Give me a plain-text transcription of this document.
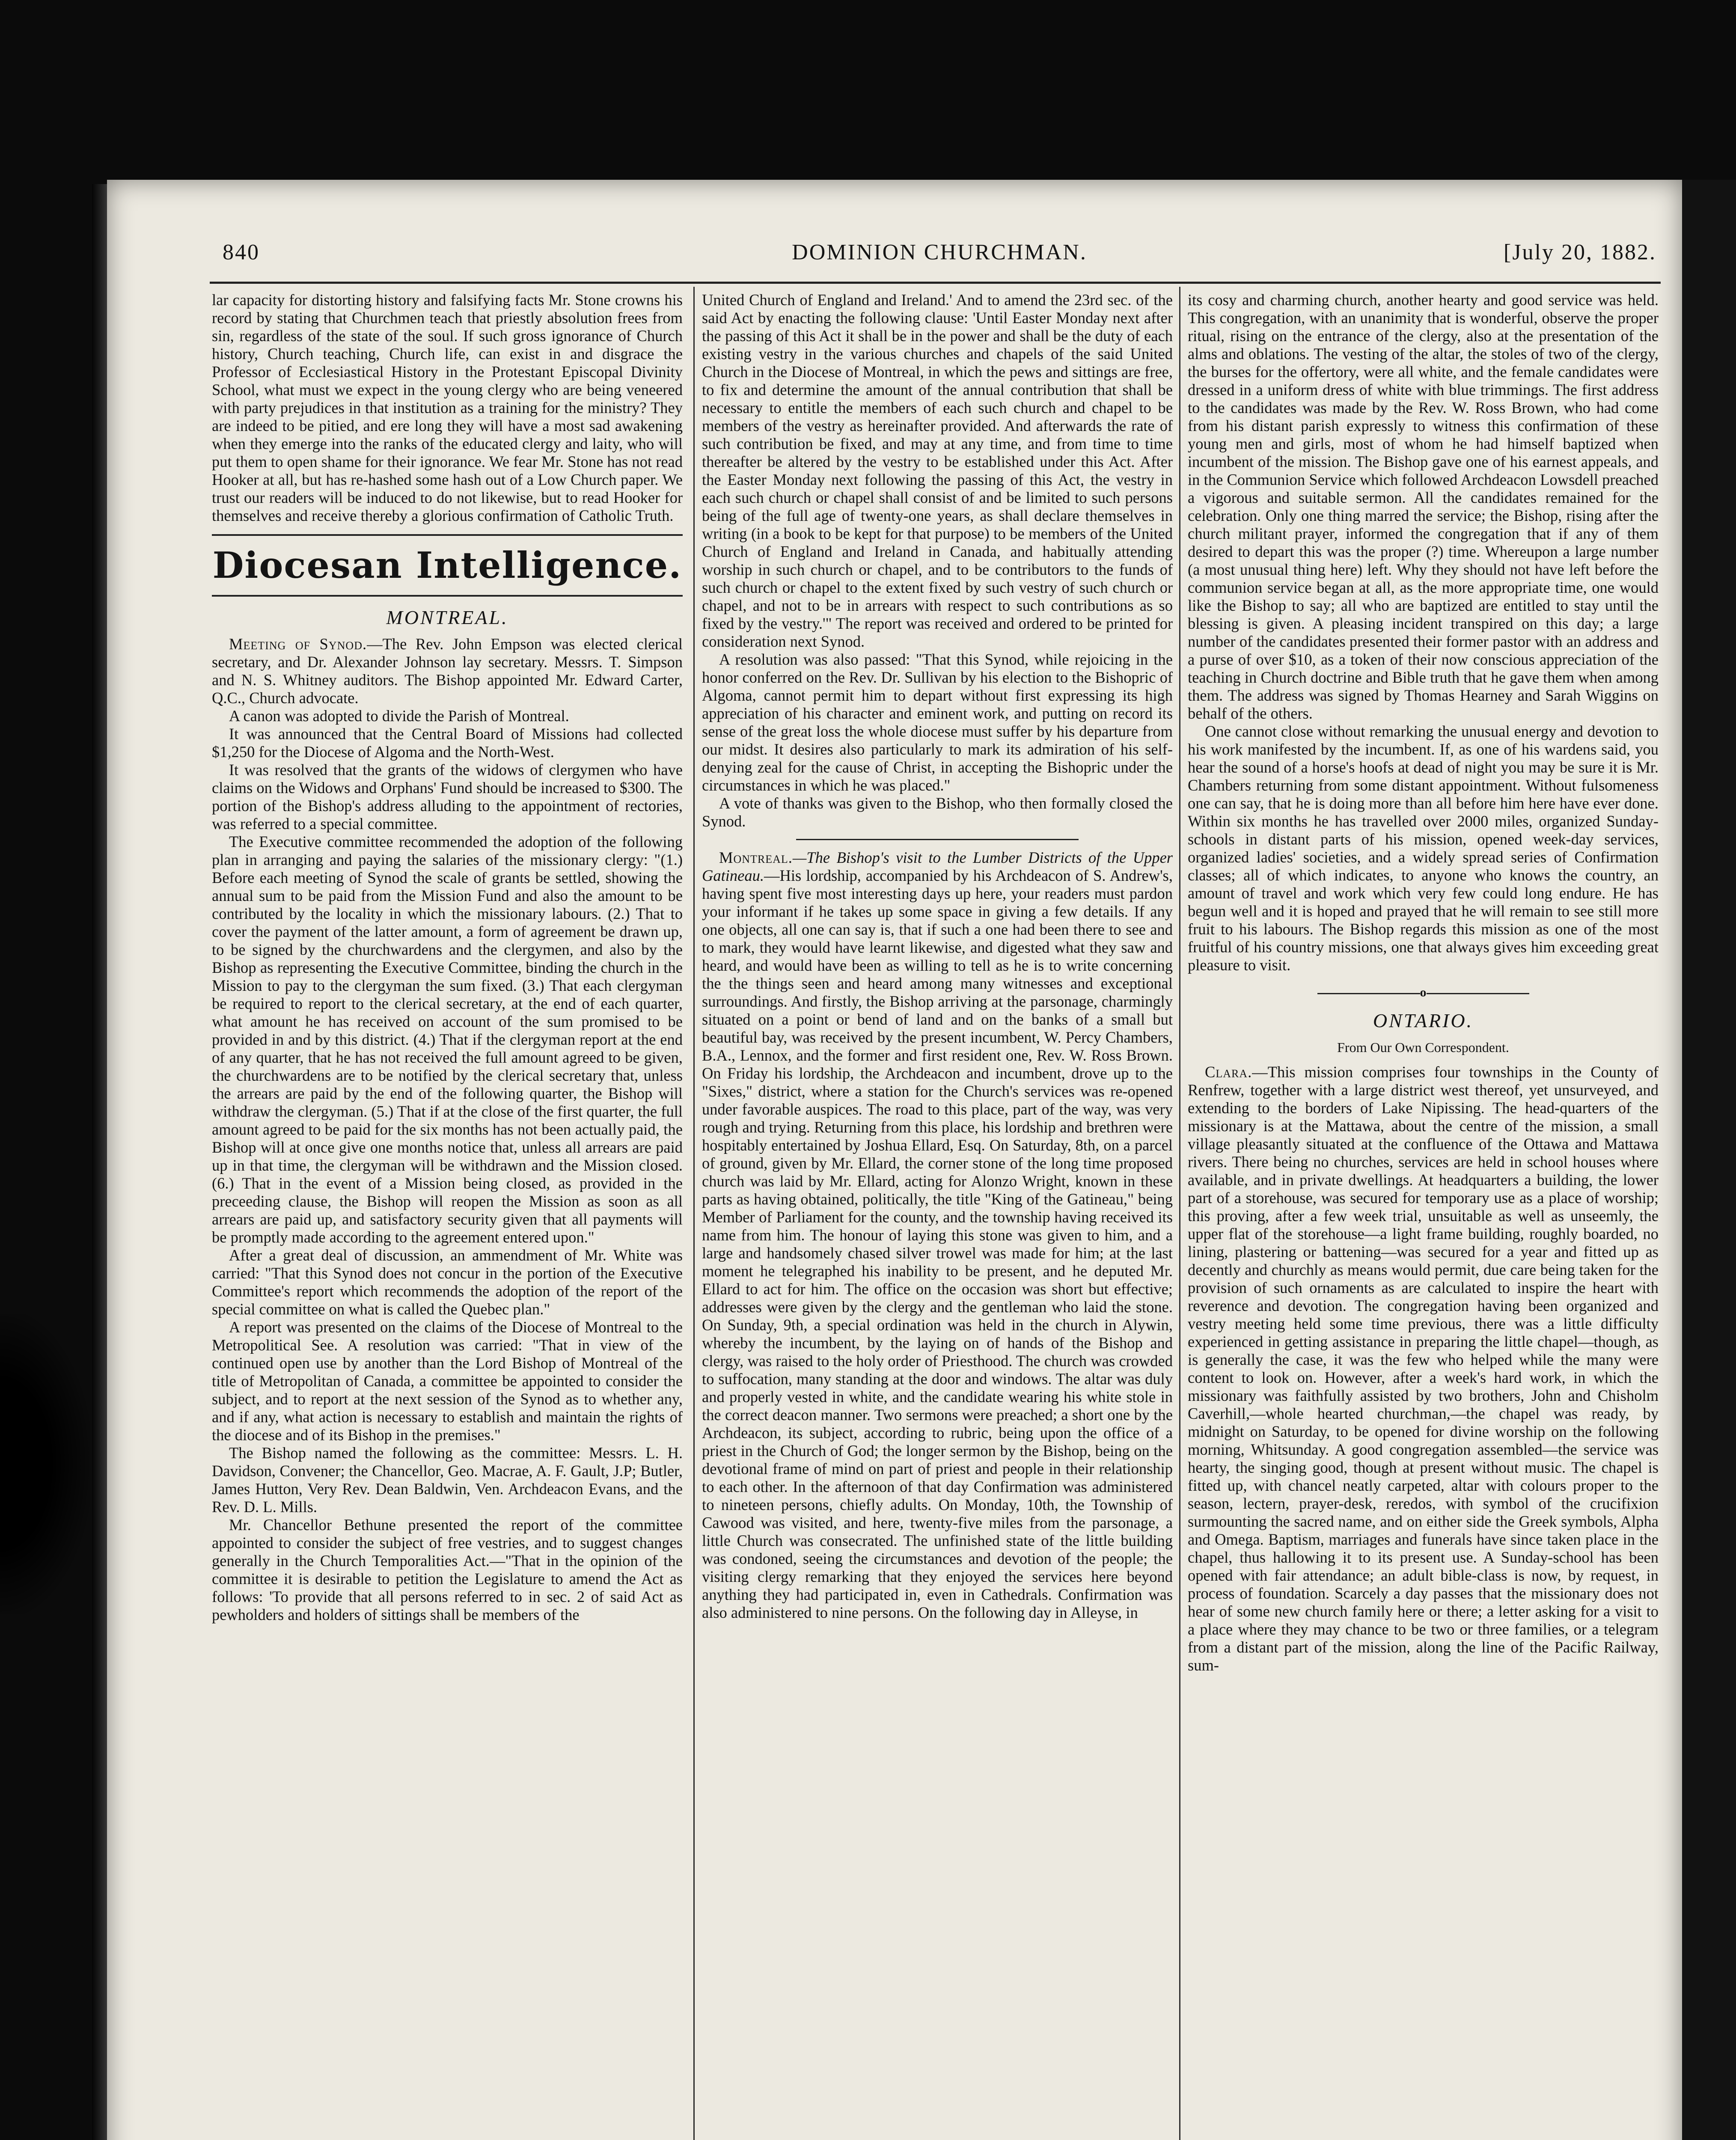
840	DOMINION CHURCHMAN.	[July 20, 1882.

lar capacity for distorting history and falsifying facts Mr. Stone crowns his record by stating that Churchmen teach that priestly absolution frees from sin, regardless of the state of the soul. If such gross ignorance of Church history, Church teaching, Church life, can exist in and disgrace the Professor of Ecclesiastical History in the Protestant Episcopal Divinity School, what must we expect in the young clergy who are being veneered with party prejudices in that institution as a training for the ministry? They are indeed to be pitied, and ere long they will have a most sad awakening when they emerge into the ranks of the educated clergy and laity, who will put them to open shame for their ignorance. We fear Mr. Stone has not read Hooker at all, but has re-hashed some hash out of a Low Church paper. We trust our readers will be induced to do not likewise, but to read Hooker for themselves and receive thereby a glorious confirmation of Catholic Truth.

Diocesan Intelligence.
MONTREAL.

Meeting of Synod.—The Rev. John Empson was elected clerical secretary, and Dr. Alexander Johnson lay secretary. Messrs. T. Simpson and N. S. Whitney auditors. The Bishop appointed Mr. Edward Carter, Q.C., Church advocate.

A canon was adopted to divide the Parish of Montreal.

It was announced that the Central Board of Missions had collected $1,250 for the Diocese of Algoma and the North-West.

It was resolved that the grants of the widows of clergymen who have claims on the Widows and Orphans' Fund should be increased to $300. The portion of the Bishop's address alluding to the appointment of rectories, was referred to a special committee.

The Executive committee recommended the adoption of the following plan in arranging and paying the salaries of the missionary clergy: "(1.) Before each meeting of Synod the scale of grants be settled, showing the annual sum to be paid from the Mission Fund and also the amount to be contributed by the locality in which the missionary labours. (2.) That to cover the payment of the latter amount, a form of agreement be drawn up, to be signed by the churchwardens and the clergymen, and also by the Bishop as representing the Executive Committee, binding the church in the Mission to pay to the clergyman the sum fixed. (3.) That each clergyman be required to report to the clerical secretary, at the end of each quarter, what amount he has received on account of the sum promised to be provided in and by this district. (4.) That if the clergyman report at the end of any quarter, that he has not received the full amount agreed to be given, the churchwardens are to be notified by the clerical secretary that, unless the arrears are paid by the end of the following quarter, the Bishop will withdraw the clergyman. (5.) That if at the close of the first quarter, the full amount agreed to be paid for the six months has not been actually paid, the Bishop will at once give one months notice that, unless all arrears are paid up in that time, the clergyman will be withdrawn and the Mission closed. (6.) That in the event of a Mission being closed, as provided in the preceeding clause, the Bishop will reopen the Mission as soon as all arrears are paid up, and satisfactory security given that all payments will be promptly made according to the agreement entered upon."

After a great deal of discussion, an ammendment of Mr. White was carried: "That this Synod does not concur in the portion of the Executive Committee's report which recommends the adoption of the report of the special committee on what is called the Quebec plan."

A report was presented on the claims of the Diocese of Montreal to the Metropolitical See. A resolution was carried: "That in view of the continued open use by another than the Lord Bishop of Montreal of the title of Metropolitan of Canada, a committee be appointed to consider the subject, and to report at the next session of the Synod as to whether any, and if any, what action is necessary to establish and maintain the rights of the diocese and of its Bishop in the premises."

The Bishop named the following as the committee: Messrs. L. H. Davidson, Convener; the Chancellor, Geo. Macrae, A. F. Gault, J.P; Butler, James Hutton, Very Rev. Dean Baldwin, Ven. Archdeacon Evans, and the Rev. D. L. Mills.

Mr. Chancellor Bethune presented the report of the committee appointed to consider the subject of free vestries, and to suggest changes generally in the Church Temporalities Act.—"That in the opinion of the committee it is desirable to petition the Legislature to amend the Act as follows: 'To provide that all persons referred to in sec. 2 of said Act as pewholders and holders of sittings shall be members of the

United Church of England and Ireland.' And to amend the 23rd sec. of the said Act by enacting the following clause: 'Until Easter Monday next after the passing of this Act it shall be in the power and shall be the duty of each existing vestry in the various churches and chapels of the said United Church in the Diocese of Montreal, in which the pews and sittings are free, to fix and determine the amount of the annual contribution that shall be necessary to entitle the members of each such church and chapel to be members of the vestry as hereinafter provided. And afterwards the rate of such contribution be fixed, and may at any time, and from time to time thereafter be altered by the vestry to be established under this Act. After the Easter Monday next following the passing of this Act, the vestry in each such church or chapel shall consist of and be limited to such persons being of the full age of twenty-one years, as shall declare themselves in writing (in a book to be kept for that purpose) to be members of the United Church of England and Ireland in Canada, and habitually attending worship in such church or chapel, and to be contributors to the funds of such church or chapel to the extent fixed by such vestry of such church or chapel, and not to be in arrears with respect to such contributions as so fixed by the vestry.'" The report was received and ordered to be printed for consideration next Synod.

A resolution was also passed: "That this Synod, while rejoicing in the honor conferred on the Rev. Dr. Sullivan by his election to the Bishopric of Algoma, cannot permit him to depart without first expressing its high appreciation of his character and eminent work, and putting on record its sense of the great loss the whole diocese must suffer by his departure from our midst. It desires also particularly to mark its admiration of his self-denying zeal for the cause of Christ, in accepting the Bishopric under the circumstances in which he was placed."

A vote of thanks was given to the Bishop, who then formally closed the Synod.

Montreal.—The Bishop's visit to the Lumber Districts of the Upper Gatineau.—His lordship, accompanied by his Archdeacon of S. Andrew's, having spent five most interesting days up here, your readers must pardon your informant if he takes up some space in giving a few details. If any one objects, all one can say is, that if such a one had been there to see and to mark, they would have learnt likewise, and digested what they saw and heard, and would have been as willing to tell as he is to write concerning the the things seen and heard among many witnesses and exceptional surroundings. And firstly, the Bishop arriving at the parsonage, charmingly situated on a point or bend of land and on the banks of a small but beautiful bay, was received by the present incumbent, W. Percy Chambers, B.A., Lennox, and the former and first resident one, Rev. W. Ross Brown. On Friday his lordship, the Archdeacon and incumbent, drove up to the "Sixes," district, where a station for the Church's services was re-opened under favorable auspices. The road to this place, part of the way, was very rough and trying. Returning from this place, his lordship and brethren were hospitably entertained by Joshua Ellard, Esq. On Saturday, 8th, on a parcel of ground, given by Mr. Ellard, the corner stone of the long time proposed church was laid by Mr. Ellard, acting for Alonzo Wright, known in these parts as having obtained, politically, the title "King of the Gatineau," being Member of Parliament for the county, and the township having received its name from him. The honour of laying this stone was given to him, and a large and handsomely chased silver trowel was made for him; at the last moment he telegraphed his inability to be present, and he deputed Mr. Ellard to act for him. The office on the occasion was short but effective; addresses were given by the clergy and the gentleman who laid the stone. On Sunday, 9th, a special ordination was held in the church in Alywin, whereby the incumbent, by the laying on of hands of the Bishop and clergy, was raised to the holy order of Priesthood. The church was crowded to suffocation, many standing at the door and windows. The altar was duly and properly vested in white, and the candidate wearing his white stole in the correct deacon manner. Two sermons were preached; a short one by the Archdeacon, its subject, according to rubric, being upon the office of a priest in the Church of God; the longer sermon by the Bishop, being on the devotional frame of mind on part of priest and people in their relationship to each other. In the afternoon of that day Confirmation was administered to nineteen persons, chiefly adults. On Monday, 10th, the Township of Cawood was visited, and here, twenty-five miles from the parsonage, a little Church was consecrated. The unfinished state of the little building was condoned, seeing the circumstances and devotion of the people; the visiting clergy remarking that they enjoyed the services here beyond anything they had participated in, even in Cathedrals. Confirmation was also administered to nine persons. On the following day in Alleyse, in

its cosy and charming church, another hearty and good service was held. This congregation, with an unanimity that is wonderful, observe the proper ritual, rising on the entrance of the clergy, also at the presentation of the alms and oblations. The vesting of the altar, the stoles of two of the clergy, the burses for the offertory, were all white, and the female candidates were dressed in a uniform dress of white with blue trimmings. The first address to the candidates was made by the Rev. W. Ross Brown, who had come from his distant parish expressly to witness this confirmation of these young men and girls, most of whom he had himself baptized when incumbent of the mission. The Bishop gave one of his earnest appeals, and in the Communion Service which followed Archdeacon Lowsdell preached a vigorous and suitable sermon. All the candidates remained for the celebration. Only one thing marred the service; the Bishop, rising after the church militant prayer, informed the congregation that if any of them desired to depart this was the proper (?) time. Whereupon a large number (a most unusual thing here) left. Why they should not have left before the communion service began at all, as the more appropriate time, one would like the Bishop to say; all who are baptized are entitled to stay until the blessing is given. A pleasing incident transpired on this day; a large number of the candidates presented their former pastor with an address and a purse of over $10, as a token of their now conscious appreciation of the teaching in Church doctrine and Bible truth that he gave them when among them. The address was signed by Thomas Hearney and Sarah Wiggins on behalf of the others.

One cannot close without remarking the unusual energy and devotion to his work manifested by the incumbent. If, as one of his wardens said, you hear the sound of a horse's hoofs at dead of night you may be sure it is Mr. Chambers returning from some distant appointment. Without fulsomeness one can say, that he is doing more than all before him here have ever done. Within six months he has travelled over 2000 miles, organized Sunday-schools in distant parts of his mission, opened week-day services, organized ladies' societies, and a widely spread series of Confirmation classes; all of which indicates, to anyone who knows the country, an amount of travel and work which very few could long endure. He has begun well and it is hoped and prayed that he will remain to see still more fruit to his labours. The Bishop regards this mission as one of the most fruitful of his country missions, one that always gives him exceeding great pleasure to visit.

o
ONTARIO.
From Our Own Correspondent.

Clara.—This mission comprises four townships in the County of Renfrew, together with a large district west thereof, yet unsurveyed, and extending to the borders of Lake Nipissing. The head-quarters of the missionary is at the Mattawa, about the centre of the mission, a small village pleasantly situated at the confluence of the Ottawa and Mattawa rivers. There being no churches, services are held in school houses where available, and in private dwellings. At headquarters a building, the lower part of a storehouse, was secured for temporary use as a place of worship; this proving, after a few week trial, unsuitable as well as unseemly, the upper flat of the storehouse—a light frame building, roughly boarded, no lining, plastering or battening—was secured for a year and fitted up as decently and churchly as means would permit, due care being taken for the provision of such ornaments as are calculated to inspire the heart with reverence and devotion. The congregation having been organized and vestry meeting held some time previous, there was a little difficulty experienced in getting assistance in preparing the little chapel—though, as is generally the case, it was the few who helped while the many were content to look on. However, after a week's hard work, in which the missionary was faithfully assisted by two brothers, John and Chisholm Caverhill,—whole hearted churchman,—the chapel was ready, by midnight on Saturday, to be opened for divine worship on the following morning, Whitsunday. A good congregation assembled—the service was hearty, the singing good, though at present without music. The chapel is fitted up, with chancel neatly carpeted, altar with colours proper to the season, lectern, prayer-desk, reredos, with symbol of the crucifixion surmounting the sacred name, and on either side the Greek symbols, Alpha and Omega. Baptism, marriages and funerals have since taken place in the chapel, thus hallowing it to its present use. A Sunday-school has been opened with fair attendance; an adult bible-class is now, by request, in process of foundation. Scarcely a day passes that the missionary does not hear of some new church family here or there; a letter asking for a visit to a place where they may chance to be two or three families, or a telegram from a distant part of the mission, along the line of the Pacific Railway, sum-
